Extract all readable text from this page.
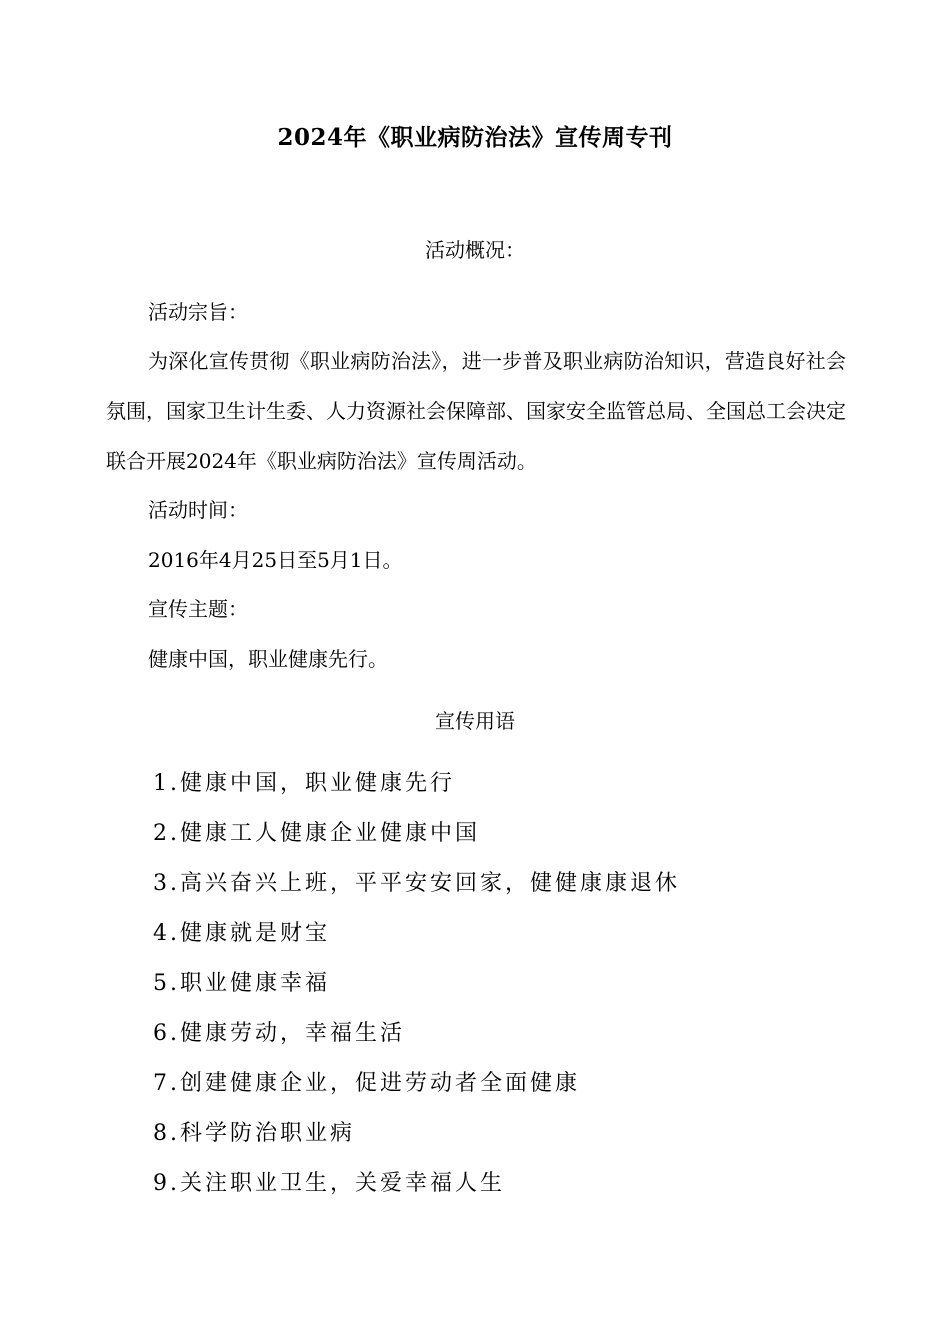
2024年《职业病防治法》宣传周专刊
活动概况：
活动宗旨：
为深化宣传贯彻《职业病防治法》，进一步普及职业病防治知识，营造良好社会氛围，国家卫生计生委、人力资源社会保障部、国家安全监管总局、全国总工会决定联合开展2024年《职业病防治法》宣传周活动。
活动时间：
2016年4月25日至5月1日。
宣传主题：
健康中国，职业健康先行。
宣传用语
1.健康中国，职业健康先行
2.健康工人健康企业健康中国
3.高兴奋兴上班，平平安安回家，健健康康退休
4.健康就是财宝
5.职业健康幸福
6.健康劳动，幸福生活
7.创建健康企业，促进劳动者全面健康
8.科学防治职业病
9.关注职业卫生，关爱幸福人生
